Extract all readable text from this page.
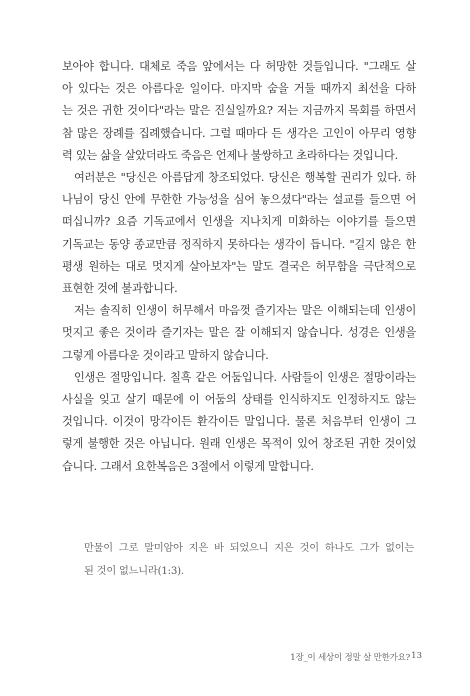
보아야 합니다. 대체로 죽음 앞에서는 다 허망한 것들입니다. "그래도 살
아 있다는 것은 아름다운 일이다. 마지막 숨을 거둘 때까지 최선을 다하
는 것은 귀한 것이다"라는 말은 진실일까요? 저는 지금까지 목회를 하면서
참 많은 장례를 집례했습니다. 그럴 때마다 든 생각은 고인이 아무리 영향
력 있는 삶을 살았더라도 죽음은 언제나 불쌍하고 초라하다는 것입니다.
여러분은 "당신은 아름답게 창조되었다. 당신은 행복할 권리가 있다. 하
나님이 당신 안에 무한한 가능성을 심어 놓으셨다"라는 설교를 들으면 어
떠십니까? 요즘 기독교에서 인생을 지나치게 미화하는 이야기를 들으면
기독교는 동양 종교만큼 정직하지 못하다는 생각이 듭니다. "길지 않은 한
평생 원하는 대로 멋지게 살아보자"는 말도 결국은 허무함을 극단적으로
표현한 것에 불과합니다.
저는 솔직히 인생이 허무해서 마음껏 즐기자는 말은 이해되는데 인생이
멋지고 좋은 것이라 즐기자는 말은 잘 이해되지 않습니다. 성경은 인생을
그렇게 아름다운 것이라고 말하지 않습니다.
인생은 절망입니다. 칠흑 같은 어둠입니다. 사람들이 인생은 절망이라는
사실을 잊고 살기 때문에 이 어둠의 상태를 인식하지도 인정하지도 않는
것입니다. 이것이 망각이든 환각이든 말입니다. 물론 처음부터 인생이 그
렇게 불행한 것은 아닙니다. 원래 인생은 목적이 있어 창조된 귀한 것이었
습니다. 그래서 요한복음은 3절에서 이렇게 말합니다.
만물이 그로 말미암아 지은 바 되었으니 지은 것이 하나도 그가 없이는
된 것이 없느니라(1:3).
1장_이 세상이 정말 살 만한가요? 13
